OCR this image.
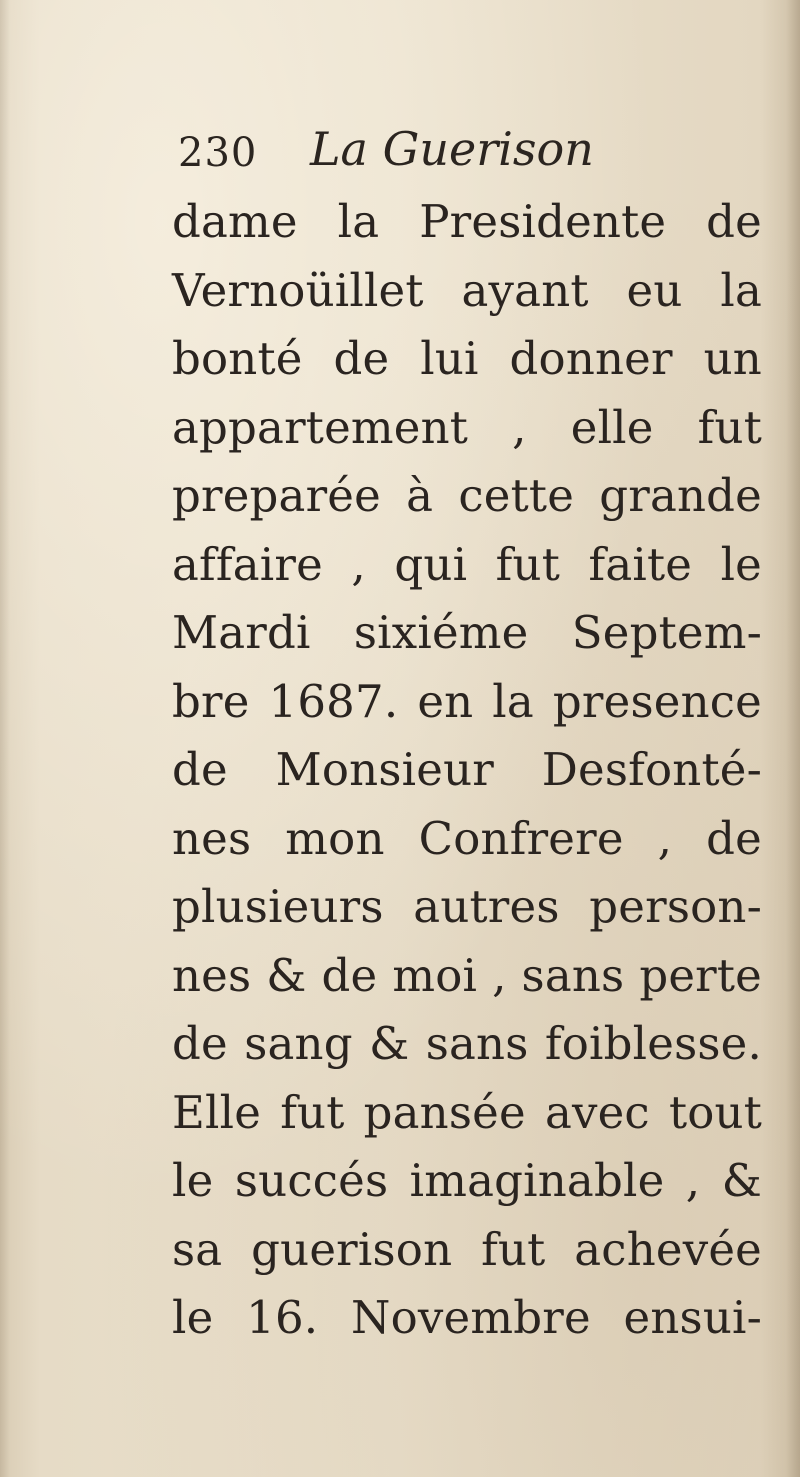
230 La Guerison
dame la Presidente de
Vernoüillet ayant eu la
bonté de lui donner un
appartement , elle fut
preparée à cette grande
affaire , qui fut faite le
Mardi sixiéme Septem-
bre 1687. en la presence
de Monsieur Desfonté-
nes mon Confrere , de
plusieurs autres person-
nes & de moi , sans perte
de sang & sans foiblesse.
Elle fut pansée avec tout
le succés imaginable , &
sa guerison fut achevée
le 16. Novembre ensui-
